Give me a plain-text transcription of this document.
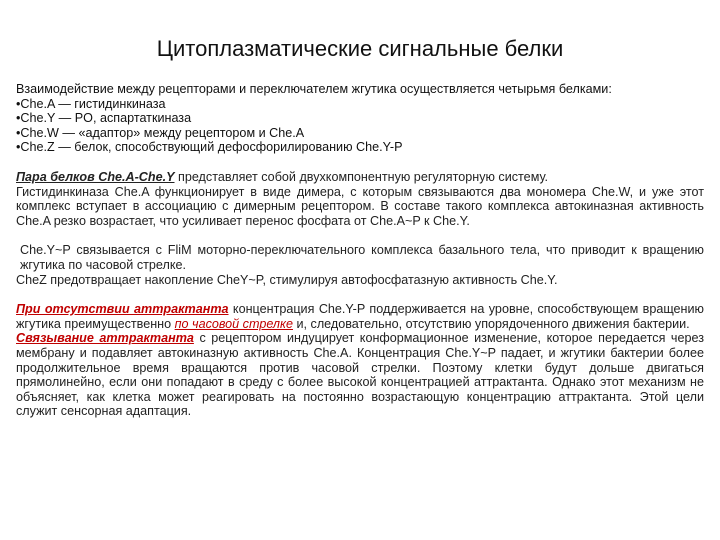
Цитоплазматические сигнальные белки

Взаимодействие между рецепторами и переключателем жгутика осуществляется четырьмя белками:

•Che.A — гистидинкиназа

•Che.Y — PO, аспартаткиназа

•Che.W — «адаптор» между рецептором и Che.A

•Che.Z — белок, способствующий дефосфорилированию Che.Y-P

Пара белков Che.A-Che.Y представляет собой двухкомпонентную регуляторную систему.

Гистидинкиназа Che.A функционирует в виде димера, с которым связываются два мономера Che.W, и уже этот комплекс вступает в ассоциацию с димерным рецептором. В составе такого комплекса автокиназная активность Che.A резко возрастает, что усиливает перенос фосфата от Che.A~P к Che.Y.

Che.Y~P связывается с FliM моторно-переключательного комплекса базального тела, что приводит к вращению жгутика по часовой стрелке.

CheZ предотвращает накопление CheY~P, стимулируя автофосфатазную активность Che.Y.

При отсутствии аттрактанта концентрация Che.Y-P поддерживается на уровне, способствующем вращению жгутика преимущественно по часовой стрелке и, следовательно, отсутствию упорядоченного движения бактерии.

Связывание аттрактанта с рецептором индуцирует конформационное изменение, которое передается через мембрану и подавляет автокиназную активность Che.A. Концентрация Che.Y~P падает, и жгутики бактерии более продолжительное время вращаются против часовой стрелки. Поэтому клетки будут дольше двигаться прямолинейно, если они попадают в среду с более высокой концентрацией аттрактанта. Однако этот механизм не объясняет, как клетка может реагировать на постоянно возрастающую концентрацию аттрактанта. Этой цели служит сенсорная адаптация.
